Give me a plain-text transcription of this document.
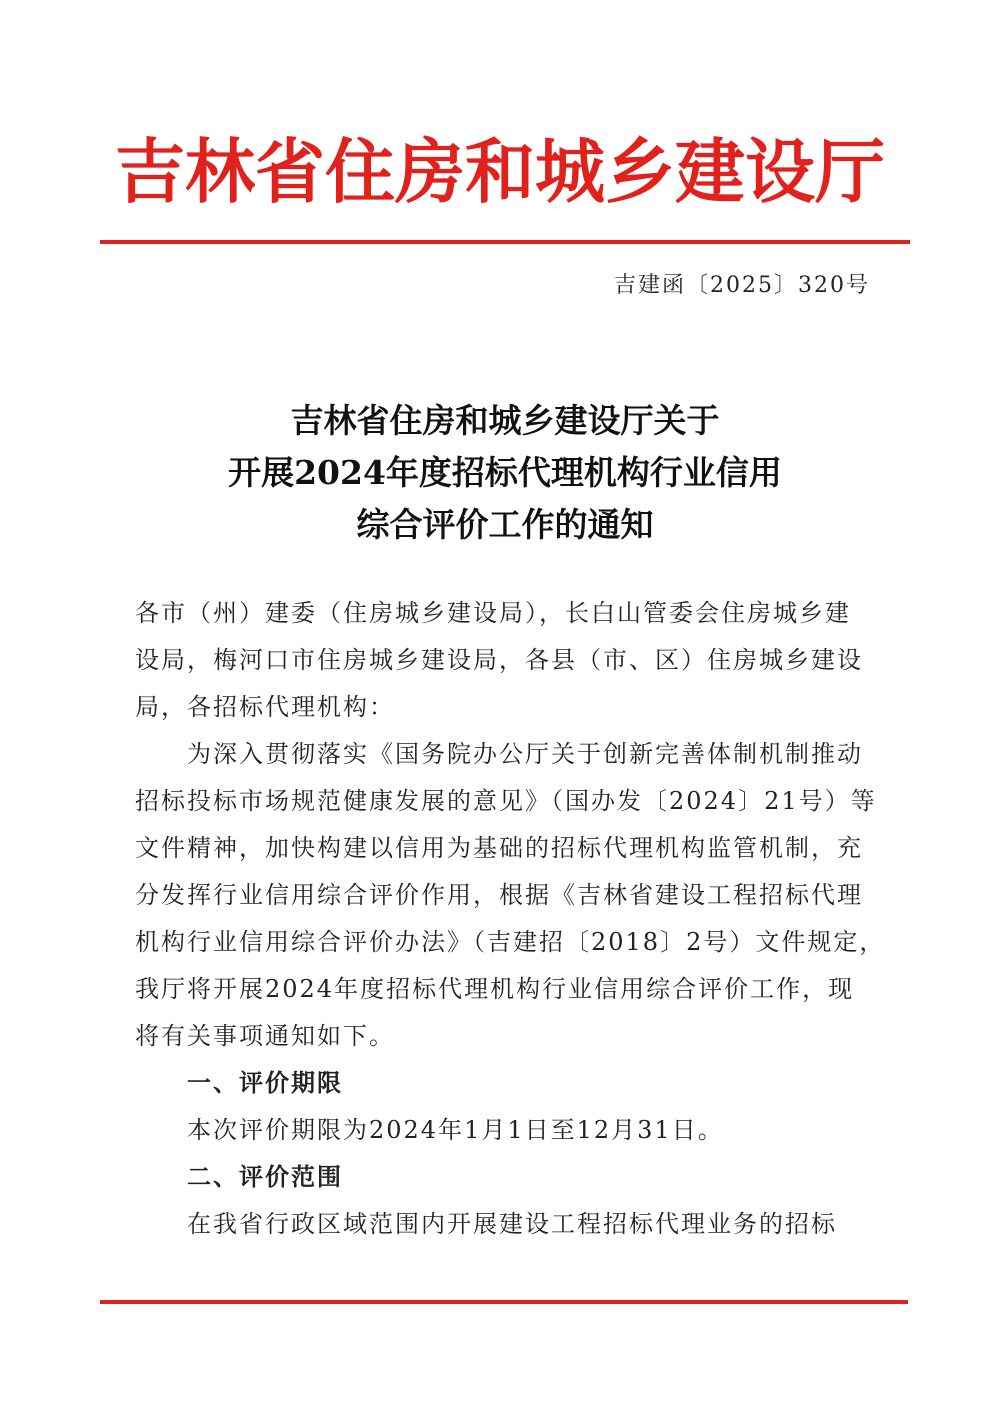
吉林省住房和城乡建设厅
吉建函〔2025〕320号
吉林省住房和城乡建设厅关于
开展2024年度招标代理机构行业信用
综合评价工作的通知
各市（州）建委（住房城乡建设局），长白山管委会住房城乡建
设局，梅河口市住房城乡建设局，各县（市、区）住房城乡建设
局，各招标代理机构：
为深入贯彻落实《国务院办公厅关于创新完善体制机制推动
招标投标市场规范健康发展的意见》（国办发〔2024〕21号）等
文件精神，加快构建以信用为基础的招标代理机构监管机制，充
分发挥行业信用综合评价作用，根据《吉林省建设工程招标代理
机构行业信用综合评价办法》（吉建招〔2018〕2号）文件规定，
我厅将开展2024年度招标代理机构行业信用综合评价工作，现
将有关事项通知如下。
一、评价期限
本次评价期限为2024年1月1日至12月31日。
二、评价范围
在我省行政区域范围内开展建设工程招标代理业务的招标
